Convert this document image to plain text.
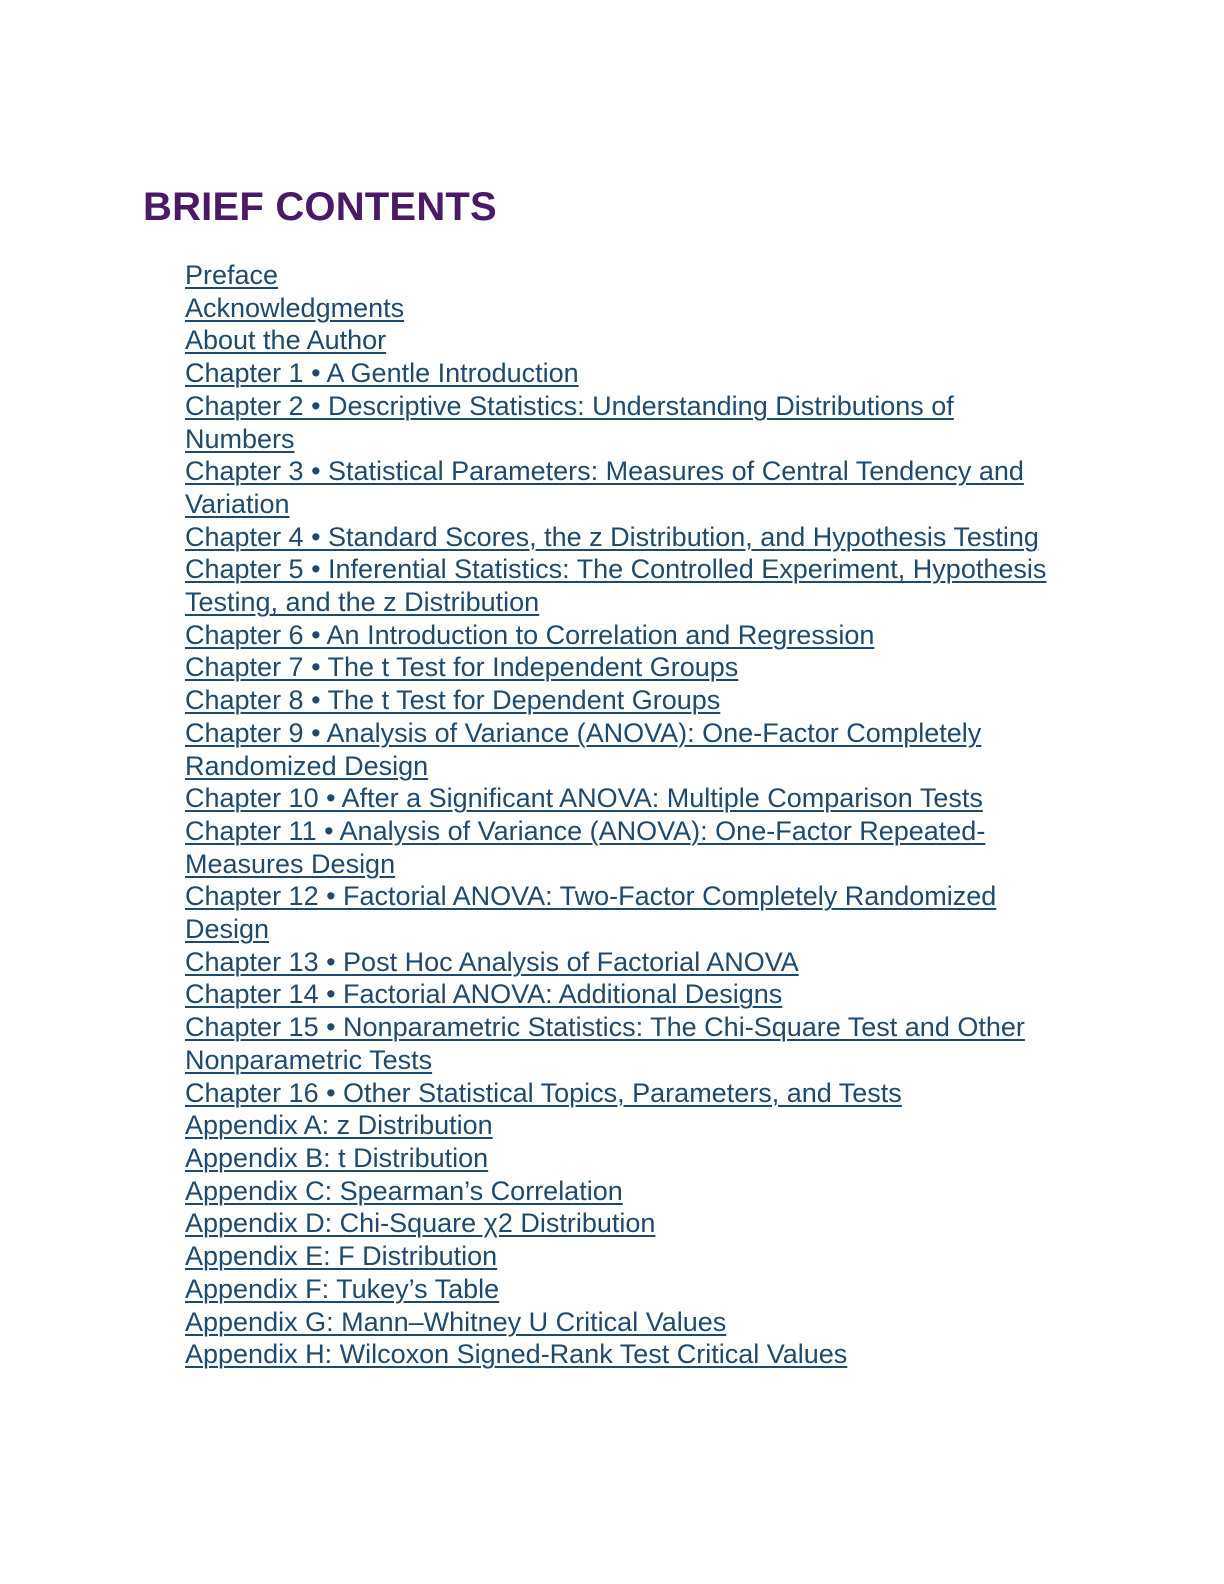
BRIEF CONTENTS
Preface
Acknowledgments
About the Author
Chapter 1 • A Gentle Introduction
Chapter 2 • Descriptive Statistics: Understanding Distributions of Numbers
Chapter 3 • Statistical Parameters: Measures of Central Tendency and Variation
Chapter 4 • Standard Scores, the z Distribution, and Hypothesis Testing
Chapter 5 • Inferential Statistics: The Controlled Experiment, Hypothesis Testing, and the z Distribution
Chapter 6 • An Introduction to Correlation and Regression
Chapter 7 • The t Test for Independent Groups
Chapter 8 • The t Test for Dependent Groups
Chapter 9 • Analysis of Variance (ANOVA): One-Factor Completely Randomized Design
Chapter 10 • After a Significant ANOVA: Multiple Comparison Tests
Chapter 11 • Analysis of Variance (ANOVA): One-Factor Repeated-Measures Design
Chapter 12 • Factorial ANOVA: Two-Factor Completely Randomized Design
Chapter 13 • Post Hoc Analysis of Factorial ANOVA
Chapter 14 • Factorial ANOVA: Additional Designs
Chapter 15 • Nonparametric Statistics: The Chi-Square Test and Other Nonparametric Tests
Chapter 16 • Other Statistical Topics, Parameters, and Tests
Appendix A: z Distribution
Appendix B: t Distribution
Appendix C: Spearman’s Correlation
Appendix D: Chi-Square χ2 Distribution
Appendix E: F Distribution
Appendix F: Tukey’s Table
Appendix G: Mann–Whitney U Critical Values
Appendix H: Wilcoxon Signed-Rank Test Critical Values
